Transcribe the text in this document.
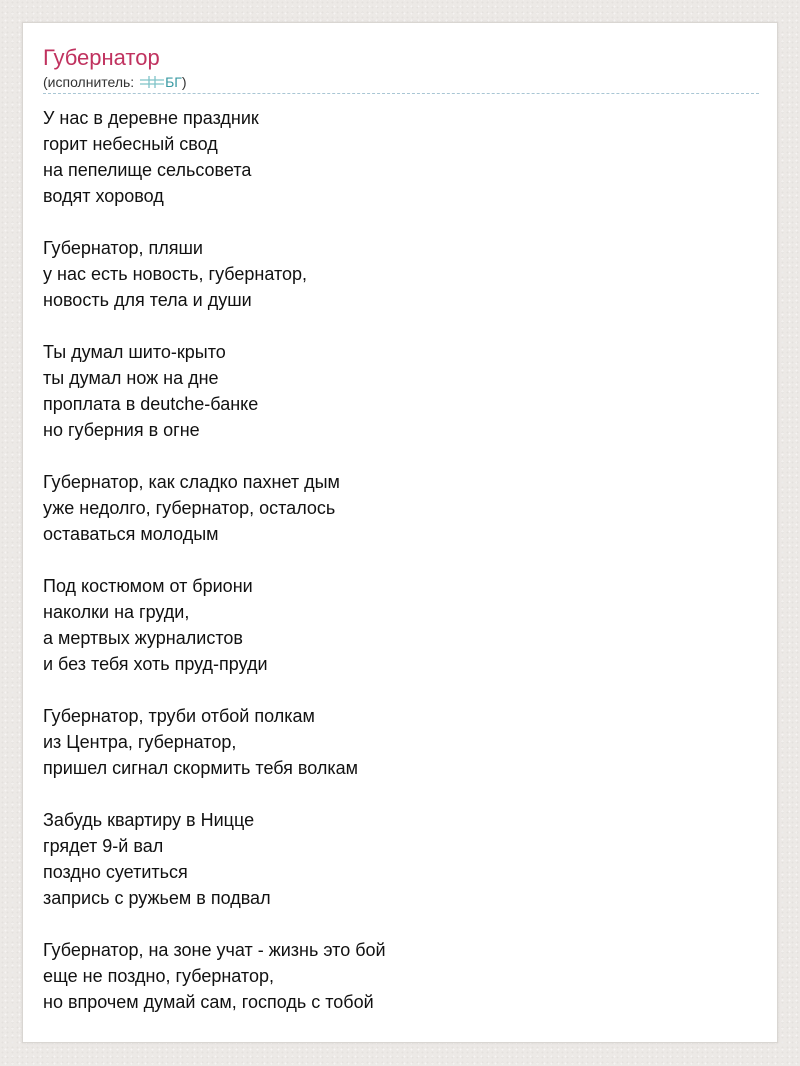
Губернатор
(исполнитель: БГ)
У нас в деревне праздник
горит небесный свод
на пепелище сельсовета
водят хоровод
Губернатор, пляши
у нас есть новость, губернатор,
новость для тела и души
Ты думал шито-крыто
ты думал нож на дне
проплата в deutche-банке
но губерния в огне
Губернатор, как сладко пахнет дым
уже недолго, губернатор, осталось
оставаться молодым
Под костюмом от бриони
наколки на груди,
а мертвых журналистов
и без тебя хоть пруд-пруди
Губернатор, труби отбой полкам
из Центра, губернатор,
пришел сигнал скормить тебя волкам
Забудь квартиру в Ницце
грядет 9-й вал
поздно суетиться
запрись с ружьем в подвал
Губернатор, на зоне учат - жизнь это бой
еще не поздно, губернатор,
но впрочем думай сам, господь с тобой
